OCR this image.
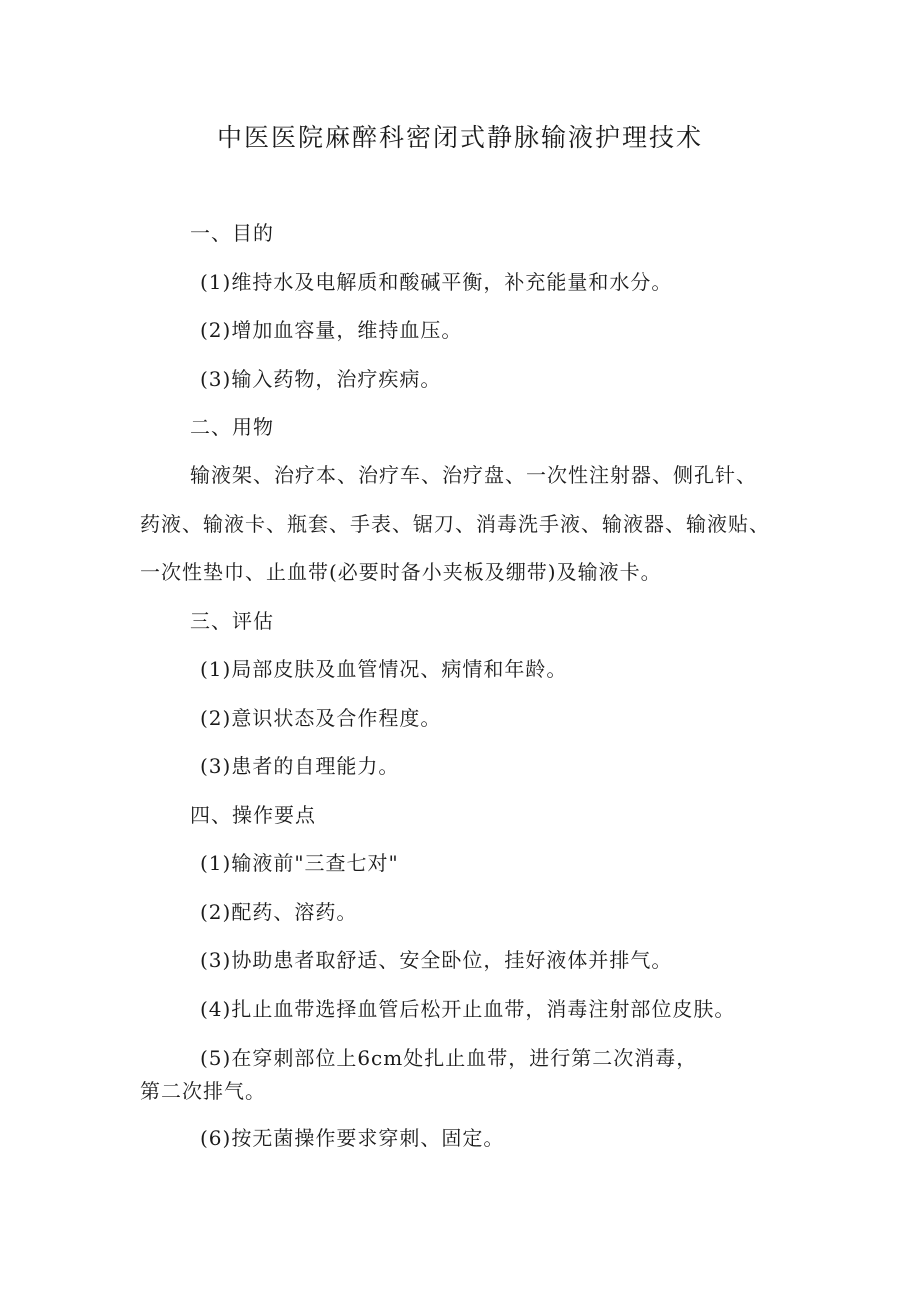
中医医院麻醉科密闭式静脉输液护理技术
一、目的
(1)维持水及电解质和酸碱平衡，补充能量和水分。
(2)增加血容量，维持血压。
(3)输入药物，治疗疾病。
二、用物
输液架、治疗本、治疗车、治疗盘、一次性注射器、侧孔针、
药液、输液卡、瓶套、手表、锯刀、消毒洗手液、输液器、输液贴、
一次性垫巾、止血带(必要时备小夹板及绷带)及输液卡。
三、评估
(1)局部皮肤及血管情况、病情和年龄。
(2)意识状态及合作程度。
(3)患者的自理能力。
四、操作要点
(1)输液前"三查七对"
(2)配药、溶药。
(3)协助患者取舒适、安全卧位，挂好液体并排气。
(4)扎止血带选择血管后松开止血带，消毒注射部位皮肤。
(5)在穿刺部位上6cm处扎止血带，进行第二次消毒，
第二次排气。
(6)按无菌操作要求穿刺、固定。
